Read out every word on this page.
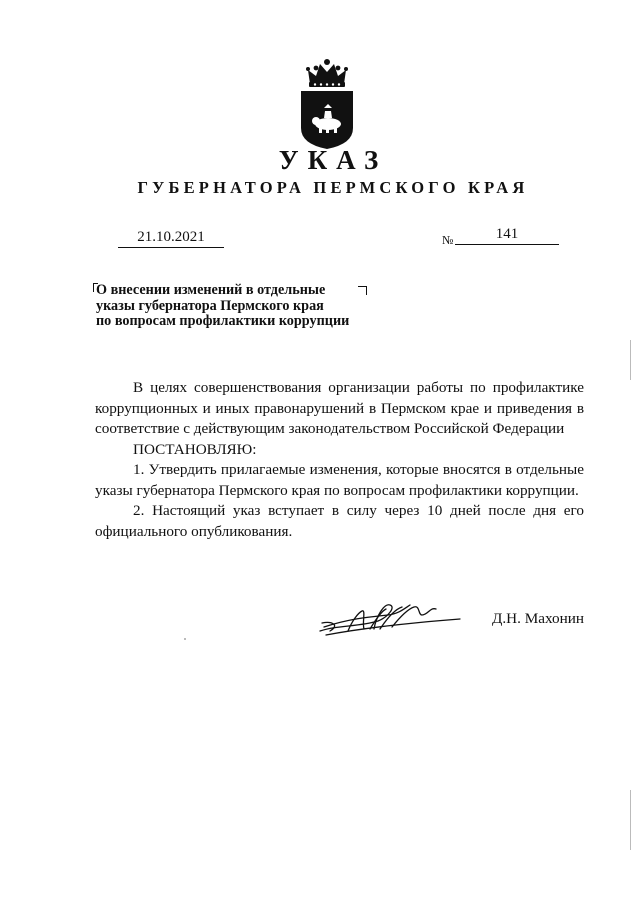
УКАЗ
ГУБЕРНАТОРА ПЕРМСКОГО КРАЯ
21.10.2021	№	141
О внесении изменений в отдельные
указы губернатора Пермского края
по вопросам профилактики коррупции

В целях совершенствования организации работы по профилактике коррупционных и иных правонарушений в Пермском крае и приведения в соответствие с действующим законодательством Российской Федерации

ПОСТАНОВЛЯЮ:

1. Утвердить прилагаемые изменения, которые вносятся в отдельные указы губернатора Пермского края по вопросам профилактики коррупции.

2. Настоящий указ вступает в силу через 10 дней после дня его официального опубликования.

Д.Н. Махонин
